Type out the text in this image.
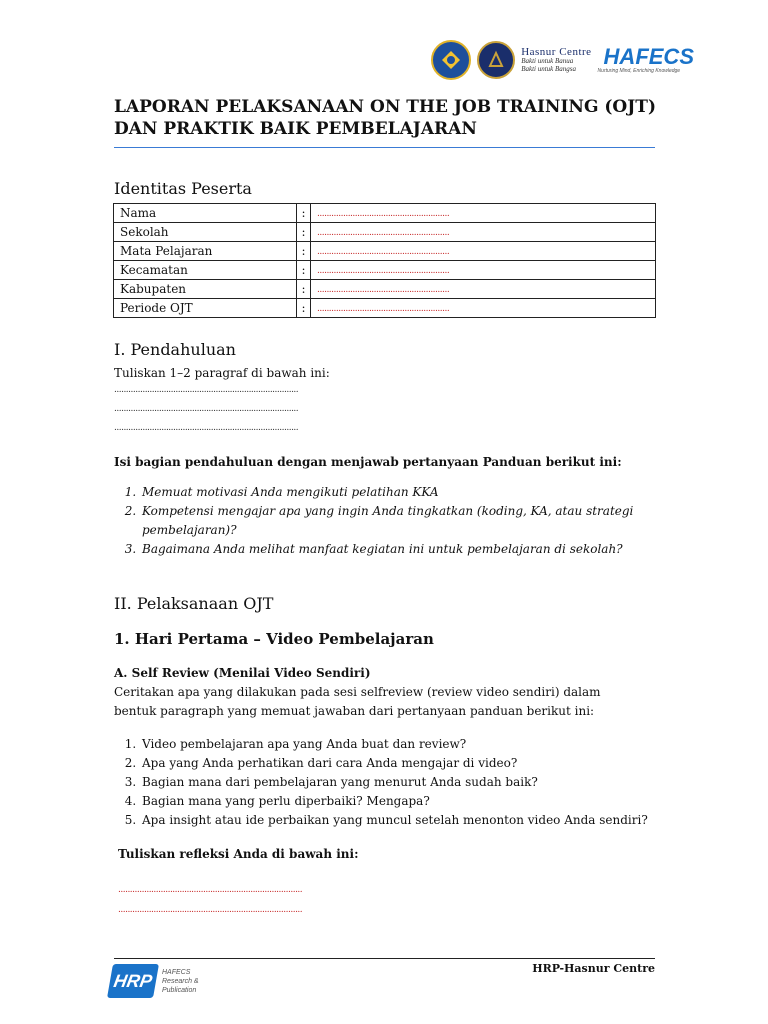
Hasnur Centre
Bakti untuk Banua
Bakti untuk Bangsa	HAFECS
Nurturing Mind, Enriching Knowledge
LAPORAN PELAKSANAAN ON THE JOB TRAINING (OJT)
DAN PRAKTIK BAIK PEMBELAJARAN
Identitas Peserta
Nama	:	........................................................
Sekolah	:	........................................................
Mata Pelajaran	:	........................................................
Kecamatan	:	........................................................
Kabupaten	:	........................................................
Periode OJT	:	........................................................
I. Pendahuluan
Tuliskan 1–2 paragraf di bawah ini:
..............................................................................
..............................................................................
..............................................................................
Isi bagian pendahuluan dengan menjawab pertanyaan Panduan berikut ini:
1. Memuat motivasi Anda mengikuti pelatihan KKA
2. Kompetensi mengajar apa yang ingin Anda tingkatkan (koding, KA, atau strategi pembelajaran)?
3. Bagaimana Anda melihat manfaat kegiatan ini untuk pembelajaran di sekolah?
II. Pelaksanaan OJT
1. Hari Pertama – Video Pembelajaran
A. Self Review (Menilai Video Sendiri)
Ceritakan apa yang dilakukan pada sesi selfreview (review video sendiri) dalam bentuk paragraph yang memuat jawaban dari pertanyaan panduan berikut ini:
1. Video pembelajaran apa yang Anda buat dan review?
2. Apa yang Anda perhatikan dari cara Anda mengajar di video?
3. Bagian mana dari pembelajaran yang menurut Anda sudah baik?
4. Bagian mana yang perlu diperbaiki? Mengapa?
5. Apa insight atau ide perbaikan yang muncul setelah menonton video Anda sendiri?
Tuliskan refleksi Anda di bawah ini:
..............................................................................
..............................................................................
HRP	HAFECS
Research &
Publication
HRP-Hasnur Centre
